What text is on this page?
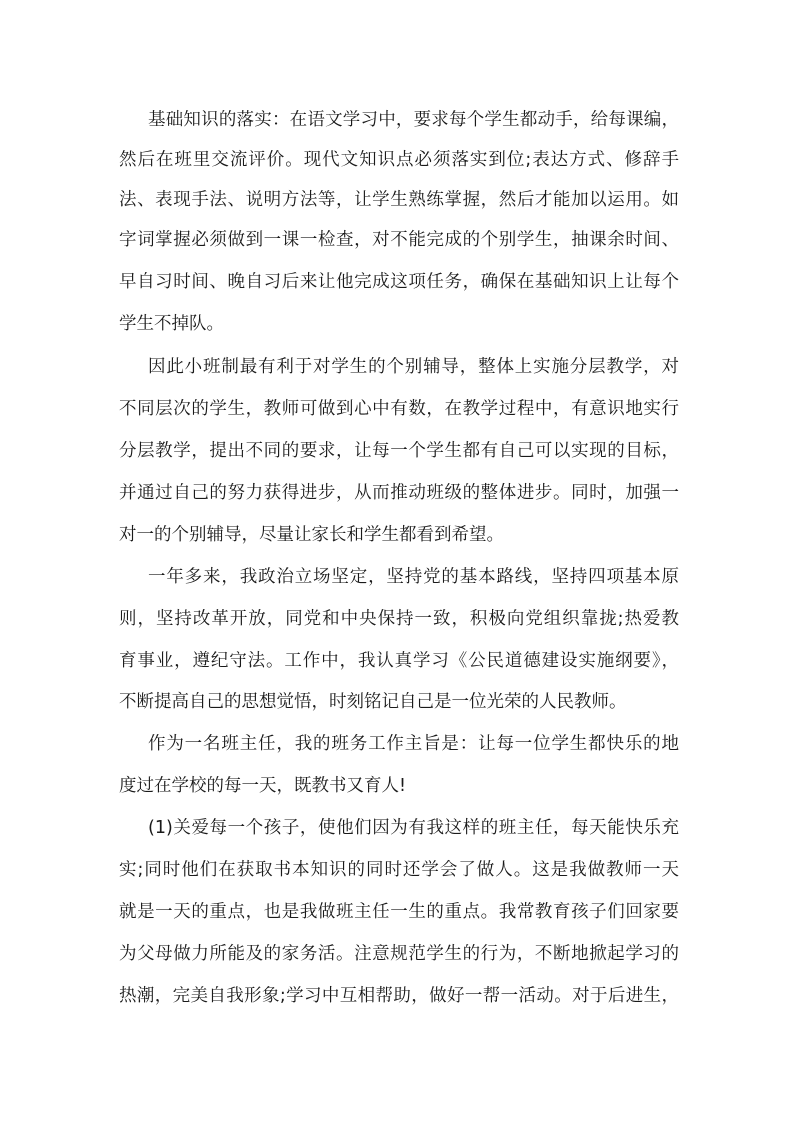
基础知识的落实：在语文学习中，要求每个学生都动手，给每课编，
然后在班里交流评价。现代文知识点必须落实到位;表达方式、修辞手
法、表现手法、说明方法等，让学生熟练掌握，然后才能加以运用。如
字词掌握必须做到一课一检查，对不能完成的个别学生，抽课余时间、
早自习时间、晚自习后来让他完成这项任务，确保在基础知识上让每个
学生不掉队。
因此小班制最有利于对学生的个别辅导，整体上实施分层教学，对
不同层次的学生，教师可做到心中有数，在教学过程中，有意识地实行
分层教学，提出不同的要求，让每一个学生都有自己可以实现的目标，
并通过自己的努力获得进步，从而推动班级的整体进步。同时，加强一
对一的个别辅导，尽量让家长和学生都看到希望。
一年多来，我政治立场坚定，坚持党的基本路线，坚持四项基本原
则，坚持改革开放，同党和中央保持一致，积极向党组织靠拢;热爱教
育事业，遵纪守法。工作中，我认真学习《公民道德建设实施纲要》，
不断提高自己的思想觉悟，时刻铭记自己是一位光荣的人民教师。
作为一名班主任，我的班务工作主旨是：让每一位学生都快乐的地
度过在学校的每一天，既教书又育人!
(1)关爱每一个孩子，使他们因为有我这样的班主任，每天能快乐充
实;同时他们在获取书本知识的同时还学会了做人。这是我做教师一天
就是一天的重点，也是我做班主任一生的重点。我常教育孩子们回家要
为父母做力所能及的家务活。注意规范学生的行为，不断地掀起学习的
热潮，完美自我形象;学习中互相帮助，做好一帮一活动。对于后进生，
